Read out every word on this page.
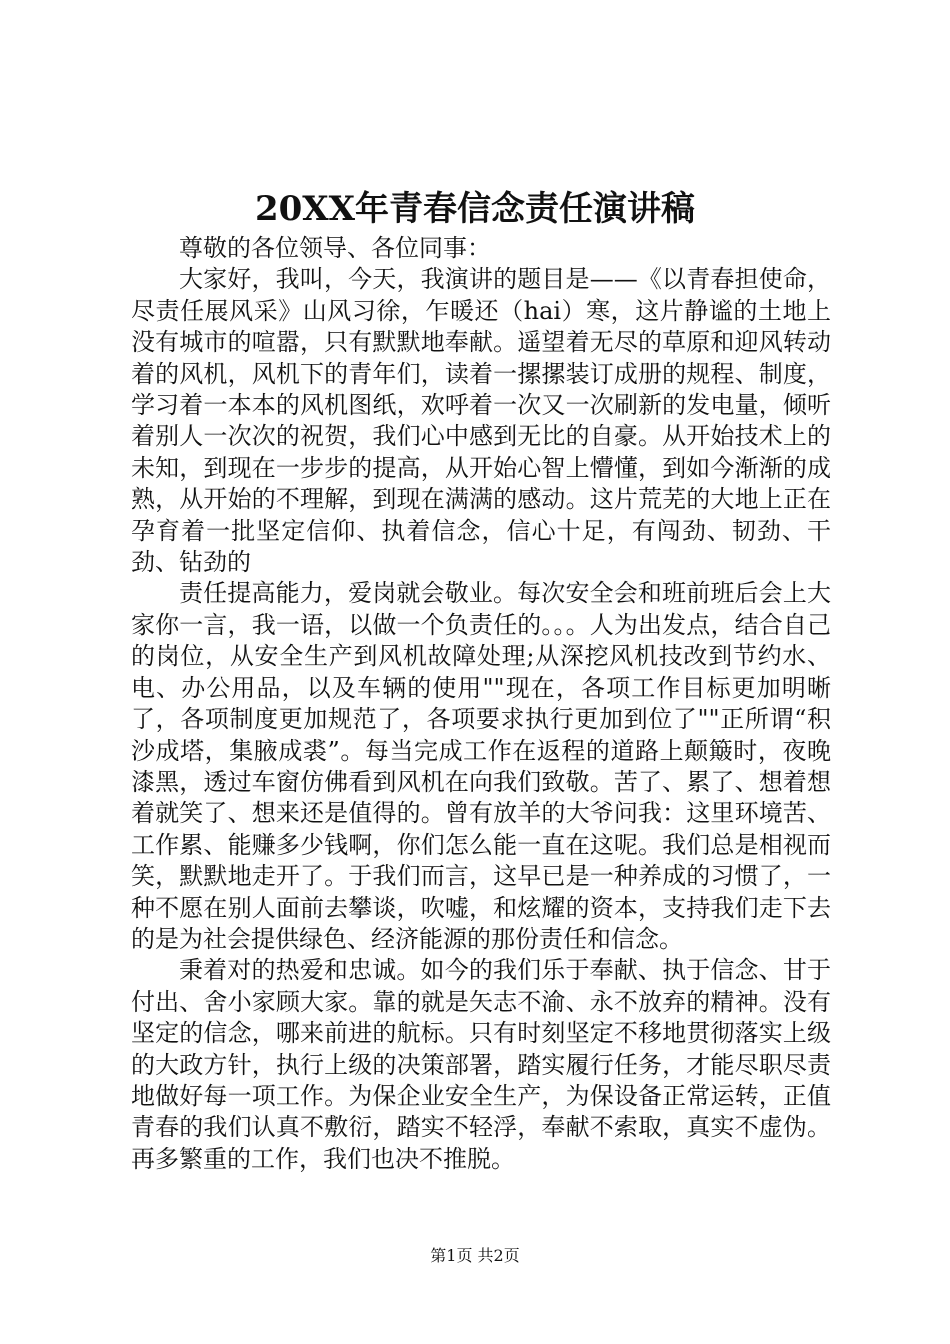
20XX年青春信念责任演讲稿

尊敬的各位领导、各位同事：

大家好，我叫，今天，我演讲的题目是——《以青春担使命，尽责任展风采》山风习徐，乍暖还（hai）寒，这片静谧的土地上没有城市的喧嚣，只有默默地奉献。遥望着无尽的草原和迎风转动着的风机，风机下的青年们，读着一摞摞装订成册的规程、制度，学习着一本本的风机图纸，欢呼着一次又一次刷新的发电量，倾听着别人一次次的祝贺，我们心中感到无比的自豪。从开始技术上的未知，到现在一步步的提高，从开始心智上懵懂，到如今渐渐的成熟，从开始的不理解，到现在满满的感动。这片荒芜的大地上正在孕育着一批坚定信仰、执着信念，信心十足，有闯劲、韧劲、干劲、钻劲的

责任提高能力，爱岗就会敬业。每次安全会和班前班后会上大家你一言，我一语，以做一个负责任的。。。人为出发点，结合自己的岗位，从安全生产到风机故障处理;从深挖风机技改到节约水、电、办公用品，以及车辆的使用""现在，各项工作目标更加明晰了，各项制度更加规范了，各项要求执行更加到位了""正所谓“积沙成塔，集腋成裘”。每当完成工作在返程的道路上颠簸时，夜晚漆黑，透过车窗仿佛看到风机在向我们致敬。苦了、累了、想着想着就笑了、想来还是值得的。曾有放羊的大爷问我：这里环境苦、工作累、能赚多少钱啊，你们怎么能一直在这呢。我们总是相视而笑，默默地走开了。于我们而言，这早已是一种养成的习惯了，一种不愿在别人面前去攀谈，吹嘘，和炫耀的资本，支持我们走下去的是为社会提供绿色、经济能源的那份责任和信念。

秉着对的热爱和忠诚。如今的我们乐于奉献、执于信念、甘于付出、舍小家顾大家。靠的就是矢志不渝、永不放弃的精神。没有坚定的信念，哪来前进的航标。只有时刻坚定不移地贯彻落实上级的大政方针，执行上级的决策部署，踏实履行任务，才能尽职尽责地做好每一项工作。为保企业安全生产，为保设备正常运转，正值青春的我们认真不敷衍，踏实不轻浮，奉献不索取，真实不虚伪。再多繁重的工作，我们也决不推脱。

第1页 共2页
